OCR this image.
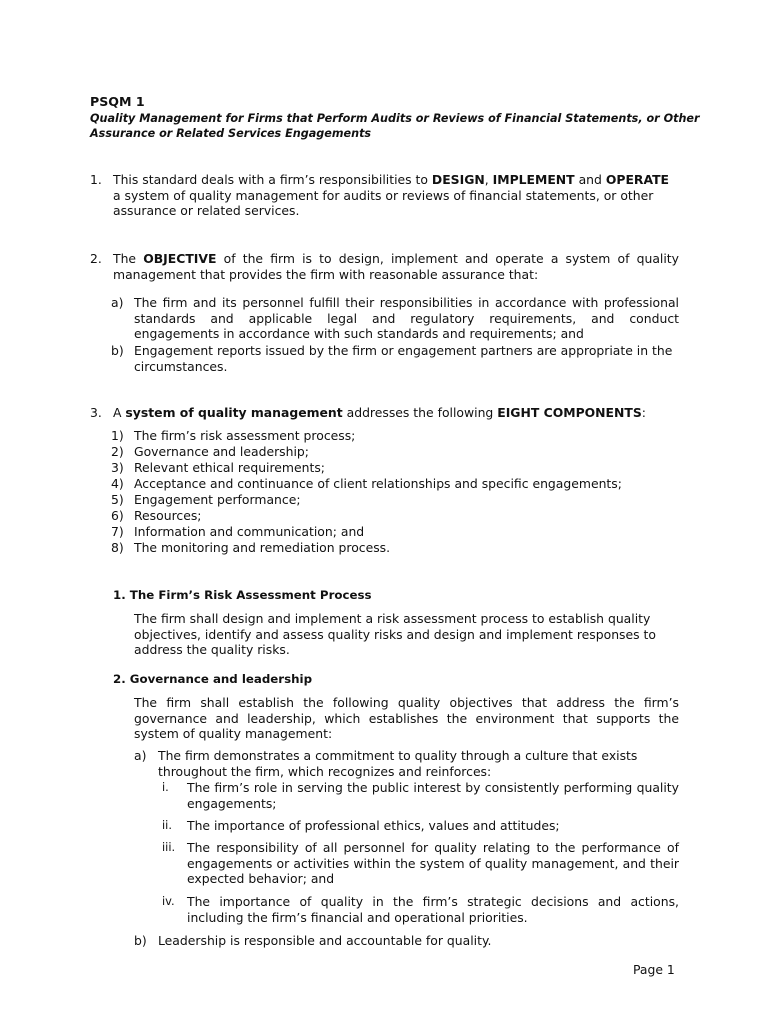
PSQM 1
Quality Management for Firms that Perform Audits or Reviews of Financial Statements, or Other
Assurance or Related Services Engagements
1. This standard deals with a firm’s responsibilities to DESIGN, IMPLEMENT and OPERATE a system of quality management for audits or reviews of financial statements, or other assurance or related services.
2. The OBJECTIVE of the firm is to design, implement and operate a system of quality management that provides the firm with reasonable assurance that:
a) The firm and its personnel fulfill their responsibilities in accordance with professional standards and applicable legal and regulatory requirements, and conduct engagements in accordance with such standards and requirements; and
b) Engagement reports issued by the firm or engagement partners are appropriate in the circumstances.
3. A system of quality management addresses the following EIGHT COMPONENTS:
1) The firm’s risk assessment process;
2) Governance and leadership;
3) Relevant ethical requirements;
4) Acceptance and continuance of client relationships and specific engagements;
5) Engagement performance;
6) Resources;
7) Information and communication; and
8) The monitoring and remediation process.
1. The Firm’s Risk Assessment Process
The firm shall design and implement a risk assessment process to establish quality objectives, identify and assess quality risks and design and implement responses to address the quality risks.
2. Governance and leadership
The firm shall establish the following quality objectives that address the firm’s governance and leadership, which establishes the environment that supports the system of quality management:
a) The firm demonstrates a commitment to quality through a culture that exists throughout the firm, which recognizes and reinforces:
i. The firm’s role in serving the public interest by consistently performing quality engagements;
ii. The importance of professional ethics, values and attitudes;
iii. The responsibility of all personnel for quality relating to the performance of engagements or activities within the system of quality management, and their expected behavior; and
iv. The importance of quality in the firm’s strategic decisions and actions, including the firm’s financial and operational priorities.
b) Leadership is responsible and accountable for quality.
Page 1
